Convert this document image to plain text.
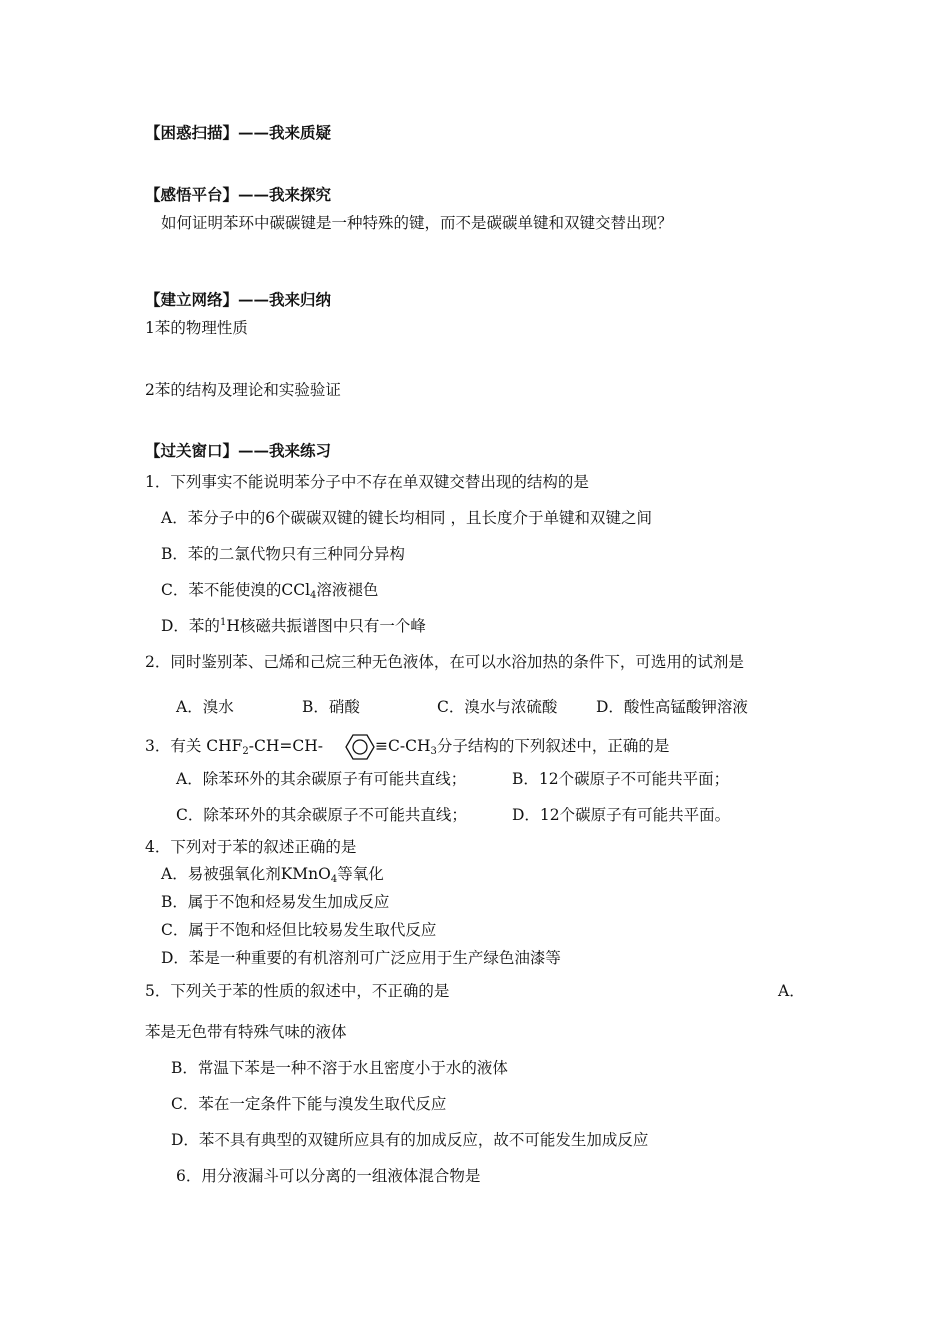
【困惑扫描】——我来质疑
【感悟平台】——我来探究
如何证明苯环中碳碳键是一种特殊的键，而不是碳碳单键和双键交替出现？
【建立网络】——我来归纳
1苯的物理性质
2苯的结构及理论和实验验证
【过关窗口】——我来练习
1．下列事实不能说明苯分子中不存在单双键交替出现的结构的是
A．苯分子中的6个碳碳双键的键长均相同 ，且长度介于单键和双键之间
B．苯的二氯代物只有三种同分异构
C．苯不能使溴的CCl$_4$溶液褪色
D．苯的$^1$H核磁共振谱图中只有一个峰
2．同时鉴别苯、己烯和己烷三种无色液体，在可以水浴加热的条件下，可选用的试剂是
A．溴水	B．硝酸	C．溴水与浓硫酸 D．酸性高锰酸钾溶液
3．有关 $CHF_2-CH=CH-$	$\equiv C-CH_3$分子结构的下列叙述中，正确的是
A．除苯环外的其余碳原子有可能共直线；	B．12个碳原子不可能共平面；
C．除苯环外的其余碳原子不可能共直线；	D．12个碳原子有可能共平面。
4．下列对于苯的叙述正确的是
A．易被强氧化剂KMnO$_4$等氧化
B．属于不饱和烃易发生加成反应
C．属于不饱和烃但比较易发生取代反应
D．苯是一种重要的有机溶剂可广泛应用于生产绿色油漆等
5．下列关于苯的性质的叙述中，不正确的是	A．
苯是无色带有特殊气味的液体
B．常温下苯是一种不溶于水且密度小于水的液体
C．苯在一定条件下能与溴发生取代反应
D．苯不具有典型的双键所应具有的加成反应，故不可能发生加成反应
6．用分液漏斗可以分离的一组液体混合物是
